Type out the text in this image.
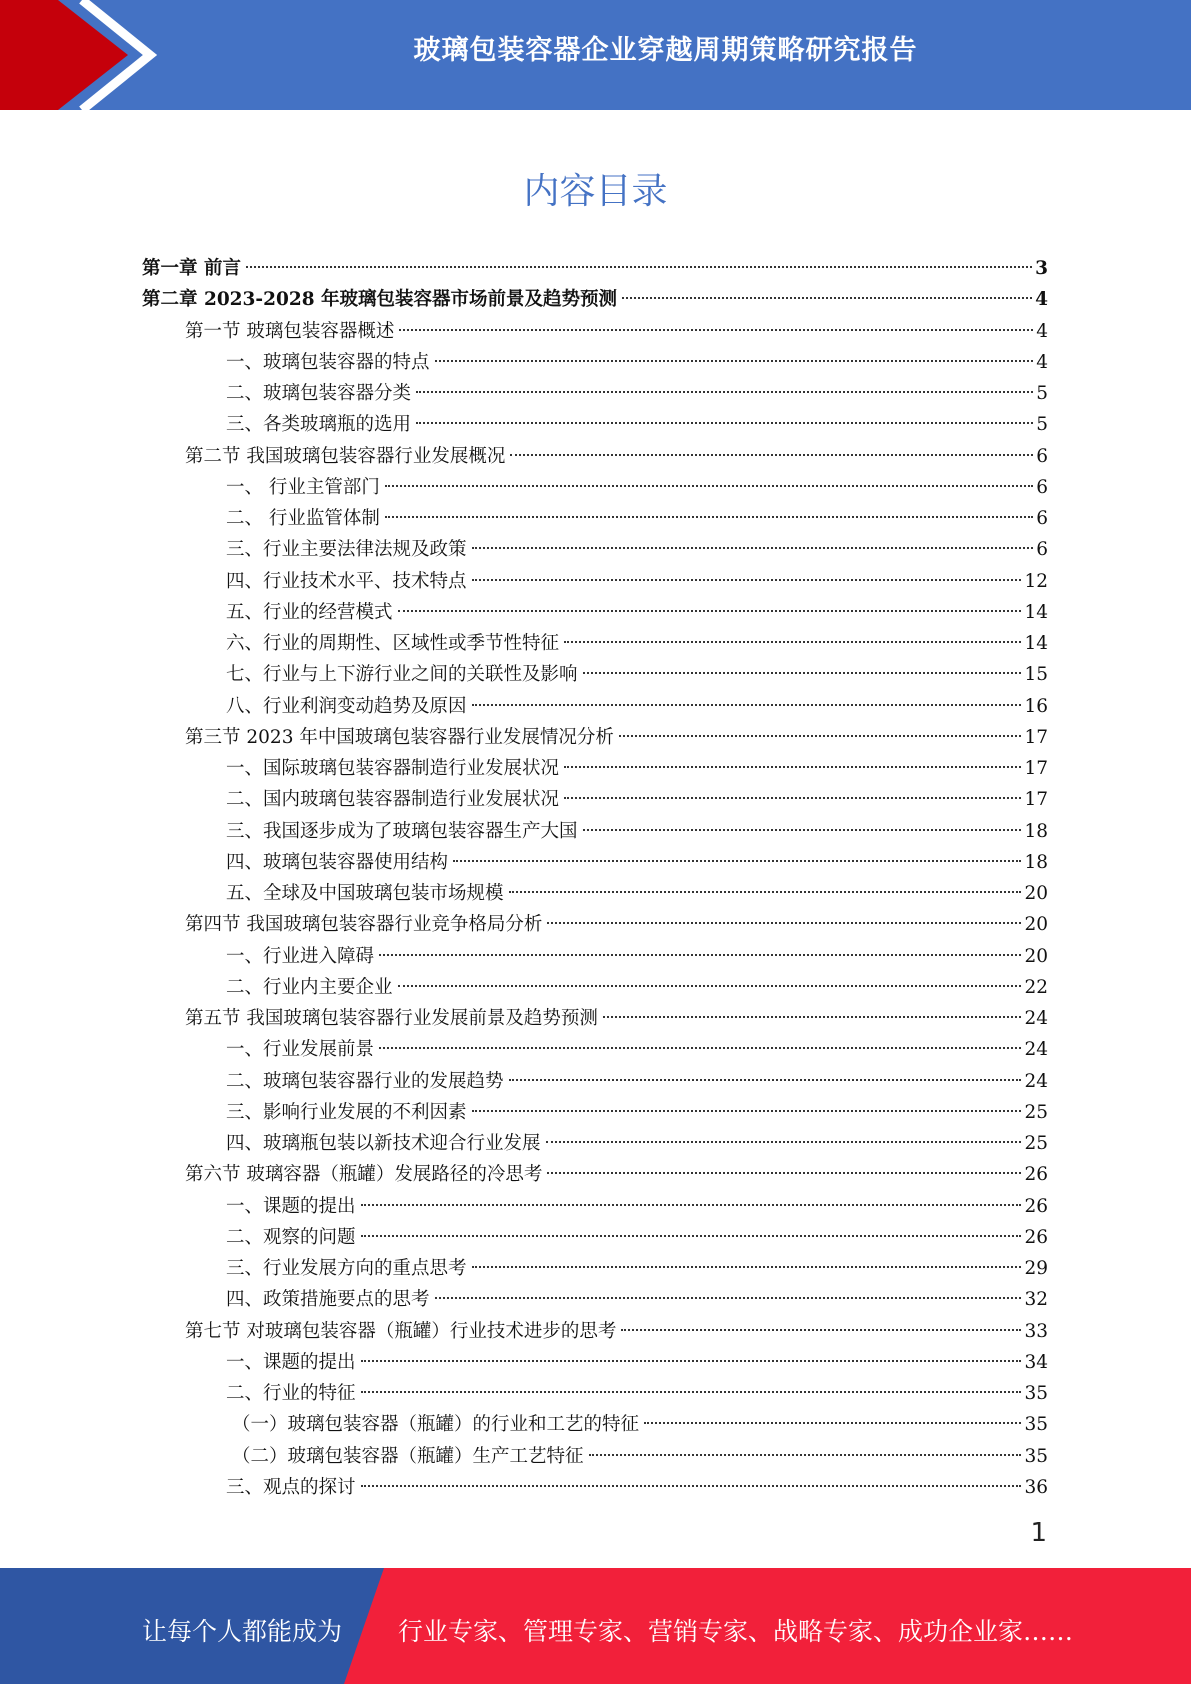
玻璃包装容器企业穿越周期策略研究报告
内容目录
第一章 前言	3
第二章 2023-2028 年玻璃包装容器市场前景及趋势预测	4
第一节 玻璃包装容器概述	4
一、玻璃包装容器的特点	4
二、玻璃包装容器分类	5
三、各类玻璃瓶的选用	5
第二节 我国玻璃包装容器行业发展概况	6
一、 行业主管部门	6
二、 行业监管体制	6
三、行业主要法律法规及政策	6
四、行业技术水平、技术特点	12
五、行业的经营模式	14
六、行业的周期性、区域性或季节性特征	14
七、行业与上下游行业之间的关联性及影响	15
八、行业利润变动趋势及原因	16
第三节 2023 年中国玻璃包装容器行业发展情况分析	17
一、国际玻璃包装容器制造行业发展状况	17
二、国内玻璃包装容器制造行业发展状况	17
三、我国逐步成为了玻璃包装容器生产大国	18
四、玻璃包装容器使用结构	18
五、全球及中国玻璃包装市场规模	20
第四节 我国玻璃包装容器行业竞争格局分析	20
一、行业进入障碍	20
二、行业内主要企业	22
第五节 我国玻璃包装容器行业发展前景及趋势预测	24
一、行业发展前景	24
二、玻璃包装容器行业的发展趋势	24
三、影响行业发展的不利因素	25
四、玻璃瓶包装以新技术迎合行业发展	25
第六节 玻璃容器（瓶罐）发展路径的冷思考	26
一、课题的提出	26
二、观察的问题	26
三、行业发展方向的重点思考	29
四、政策措施要点的思考	32
第七节 对玻璃包装容器（瓶罐）行业技术进步的思考	33
一、课题的提出	34
二、行业的特征	35
（一）玻璃包装容器（瓶罐）的行业和工艺的特征	35
（二）玻璃包装容器（瓶罐）生产工艺特征	35
三、观点的探讨	36
1
让每个人都能成为 行业专家、管理专家、营销专家、战略专家、成功企业家……
